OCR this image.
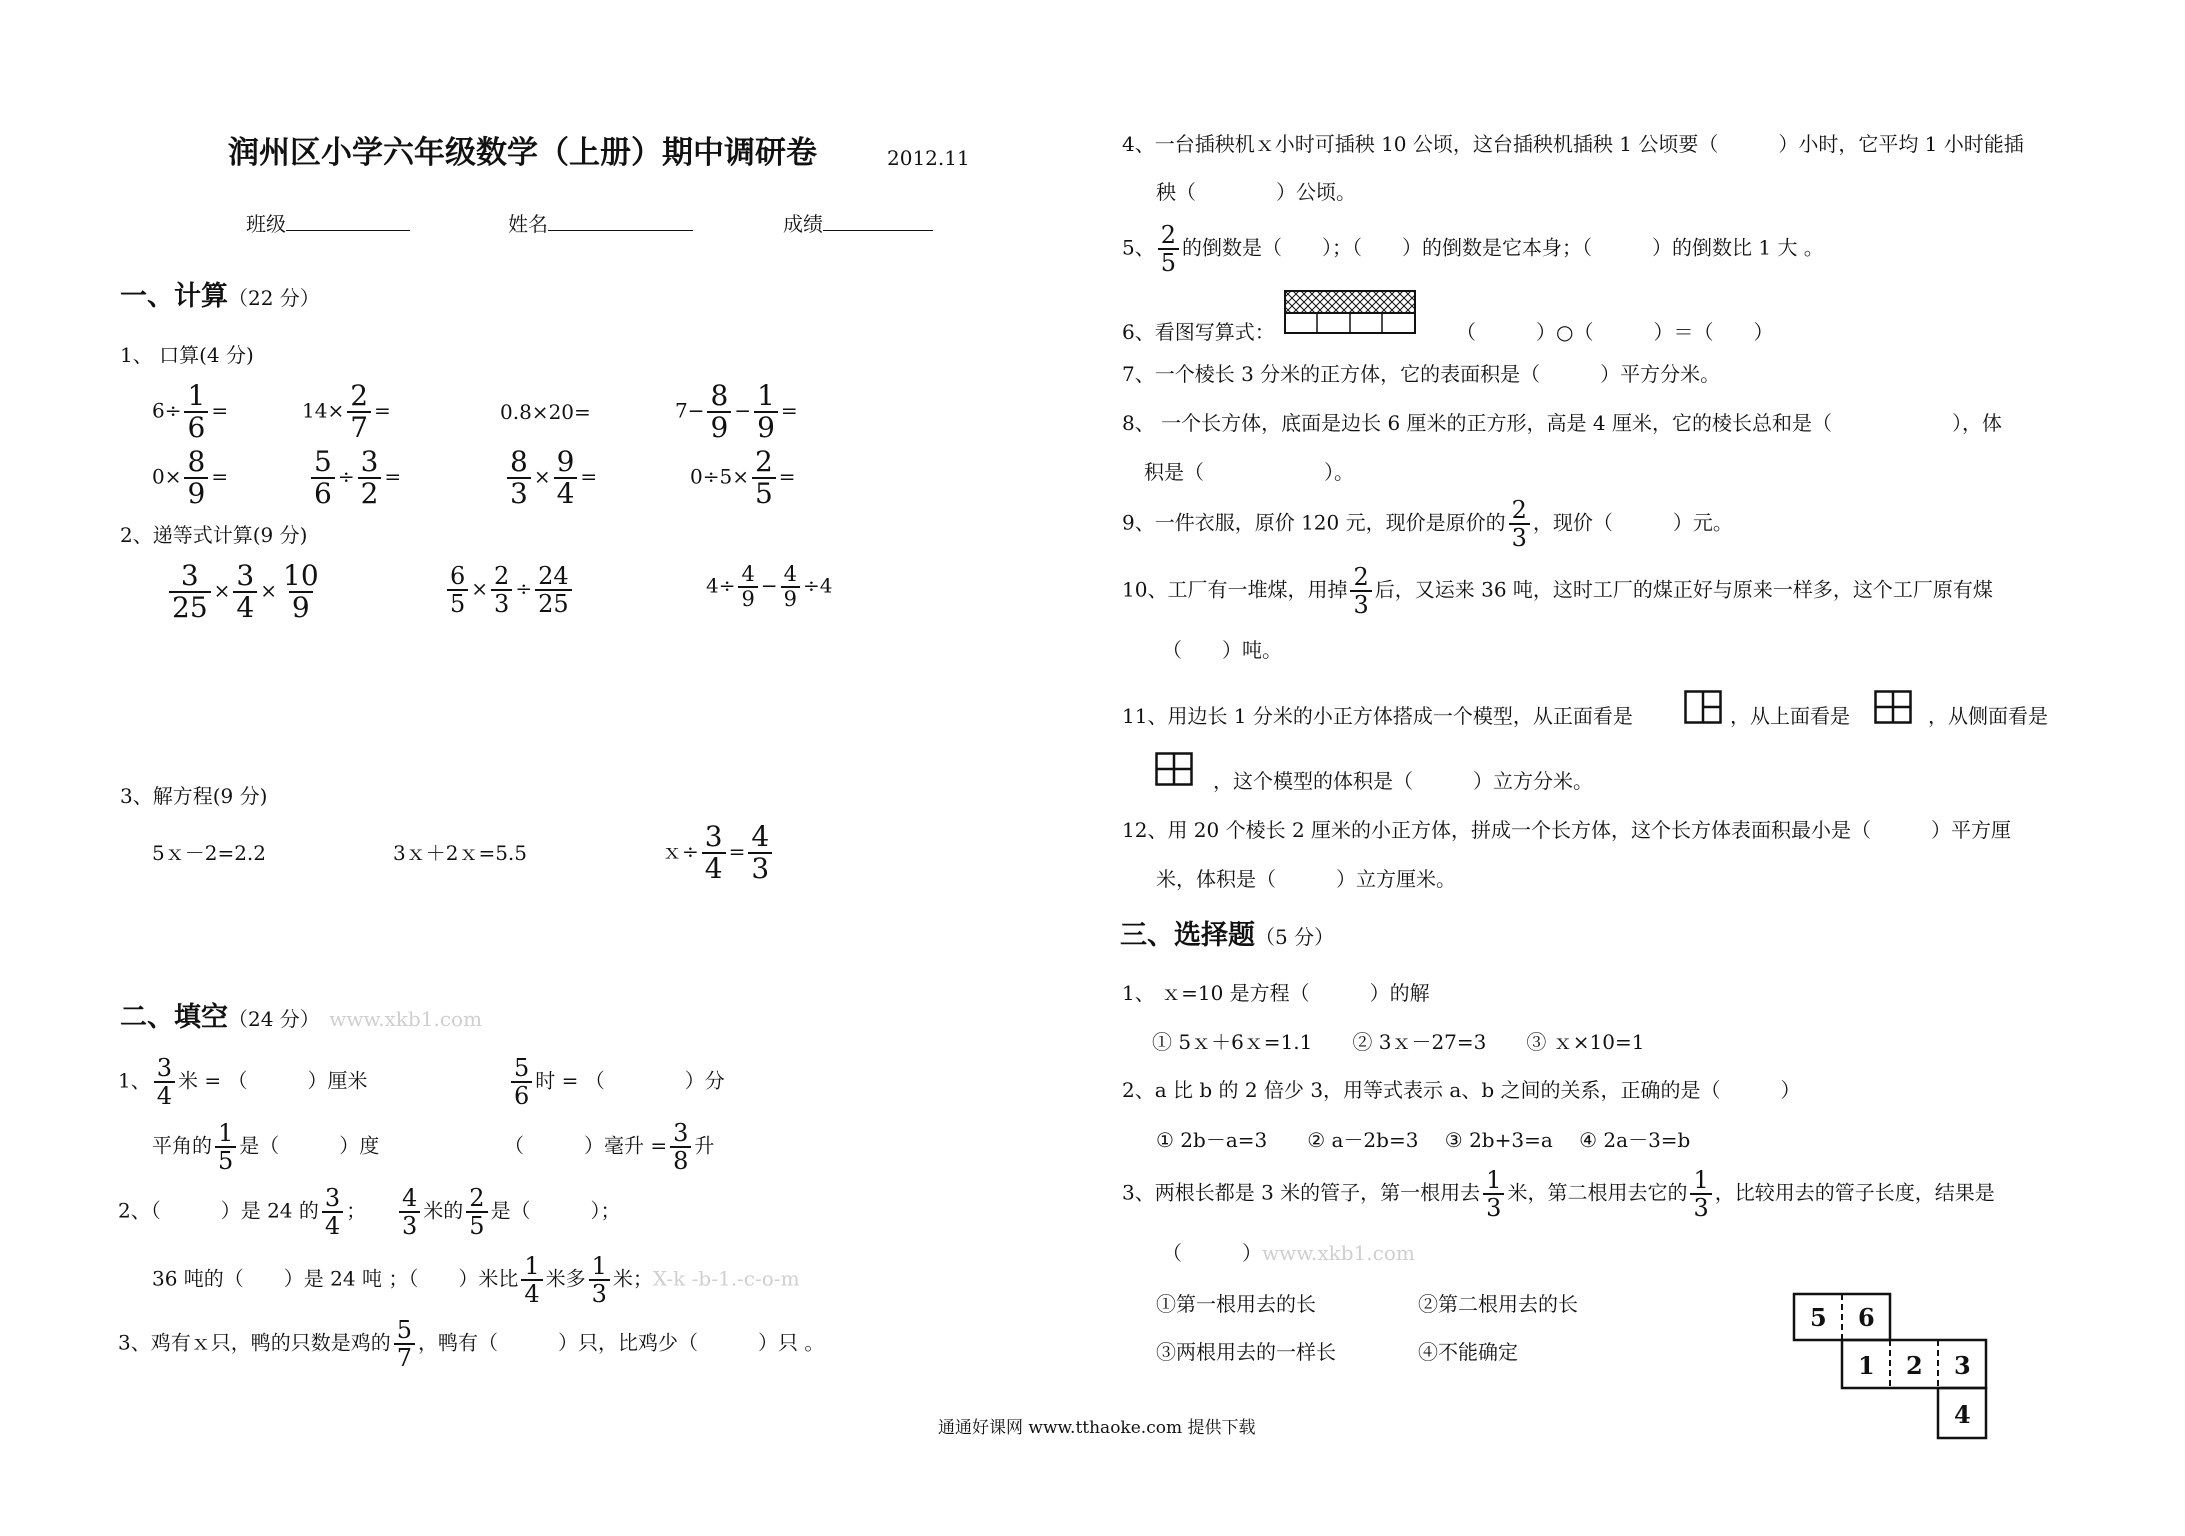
润州区小学六年级数学（上册）期中调研卷	2012.11
班级	姓名	成绩
一、计算（22 分）
1、 口算(4 分)
$6\div \frac{1}{6}$ =	$14\times \frac{2}{7}$ =	0.8×20=	$7- \frac{8}{9} - \frac{1}{9}$ =
$0\times \frac{8}{9}$ =	$\frac{5}{6} \div \frac{3}{2}$ =	$\frac{8}{3} \times \frac{9}{4}$ =	$0\div 5\times \frac{2}{5}$ =
2、递等式计算(9 分)
$\frac{3}{25} \times \frac{3}{4} \times \frac{10}{9}$	$\frac{6}{5} \times \frac{2}{3} \div \frac{24}{25}$	$4\div \frac{4}{9} - \frac{4}{9} \div 4$
3、解方程(9 分)
5ｘ－2=2.2	3ｘ＋2ｘ=5.5	ｘ÷ $\frac{3}{4} = \frac{4}{3}$
二、填空（24 分） www.xkb1.com
1、 $\frac{3}{4}$ 米 = （　　　）厘米	$\frac{5}{6}$ 时 = （　　　　）分
平角的 $\frac{1}{5}$ 是（　　　）度	（　　　）毫升 = $\frac{3}{8}$ 升
2、（　　　）是 24 的 $\frac{3}{4}$ ； $\frac{4}{3}$ 米的 $\frac{2}{5}$ 是（　　　）；
36 吨的（　　）是 24 吨 ；（　　）米比 $\frac{1}{4}$ 米多 $\frac{1}{3}$ 米；X-k -b-1.-c-o-m
3、鸡有ｘ只，鸭的只数是鸡的 $\frac{5}{7}$ ，鸭有（　　　）只，比鸡少（　　　）只 。
4、一台插秧机ｘ小时可插秧 10 公顷，这台插秧机插秧 1 公顷要（　　　）小时，它平均 1 小时能插
秧（　　　　）公顷。
5、 $\frac{2}{5}$ 的倒数是（　　）；（　　）的倒数是它本身；（　　　）的倒数比 1 大 。
6、看图写算式：	（　　　）○（　　　）＝（　　）
7、一个棱长 3 分米的正方体，它的表面积是（　　　）平方分米。
8、 一个长方体，底面是边长 6 厘米的正方形，高是 4 厘米，它的棱长总和是（　　　　　　），体
积是（　　　　　　）。
9、一件衣服，原价 120 元，现价是原价的 $\frac{2}{3}$ ，现价（　　　）元。
10、工厂有一堆煤，用掉 $\frac{2}{3}$ 后，又运来 36 吨，这时工厂的煤正好与原来一样多，这个工厂原有煤
（　　）吨。
11、用边长 1 分米的小正方体搭成一个模型，从正面看是	，从上面看是	，从侧面看是
，这个模型的体积是（　　　）立方分米。
12、用 20 个棱长 2 厘米的小正方体，拼成一个长方体，这个长方体表面积最小是（　　　）平方厘
米，体积是（　　　）立方厘米。
三、选择题（5 分）
1、 ｘ=10 是方程（　　　）的解
① 5ｘ＋6ｘ=1.1　　② 3ｘ－27=3　　③ ｘ×10=1
2、a 比 b 的 2 倍少 3，用等式表示 a、b 之间的关系，正确的是（　　　）
① 2b－a=3　　② a－2b=3　 ③ 2b+3=a　 ④ 2a－3=b
3、两根长都是 3 米的管子，第一根用去 $\frac{1}{3}$ 米，第二根用去它的 $\frac{1}{3}$ ，比较用去的管子长度，结果是
（　　　）www.xkb1.com
①第一根用去的长	②第二根用去的长
③两根用去的一样长	④不能确定
5 6
1 2 3
4
通通好课网 www.tthaoke.com 提供下载
